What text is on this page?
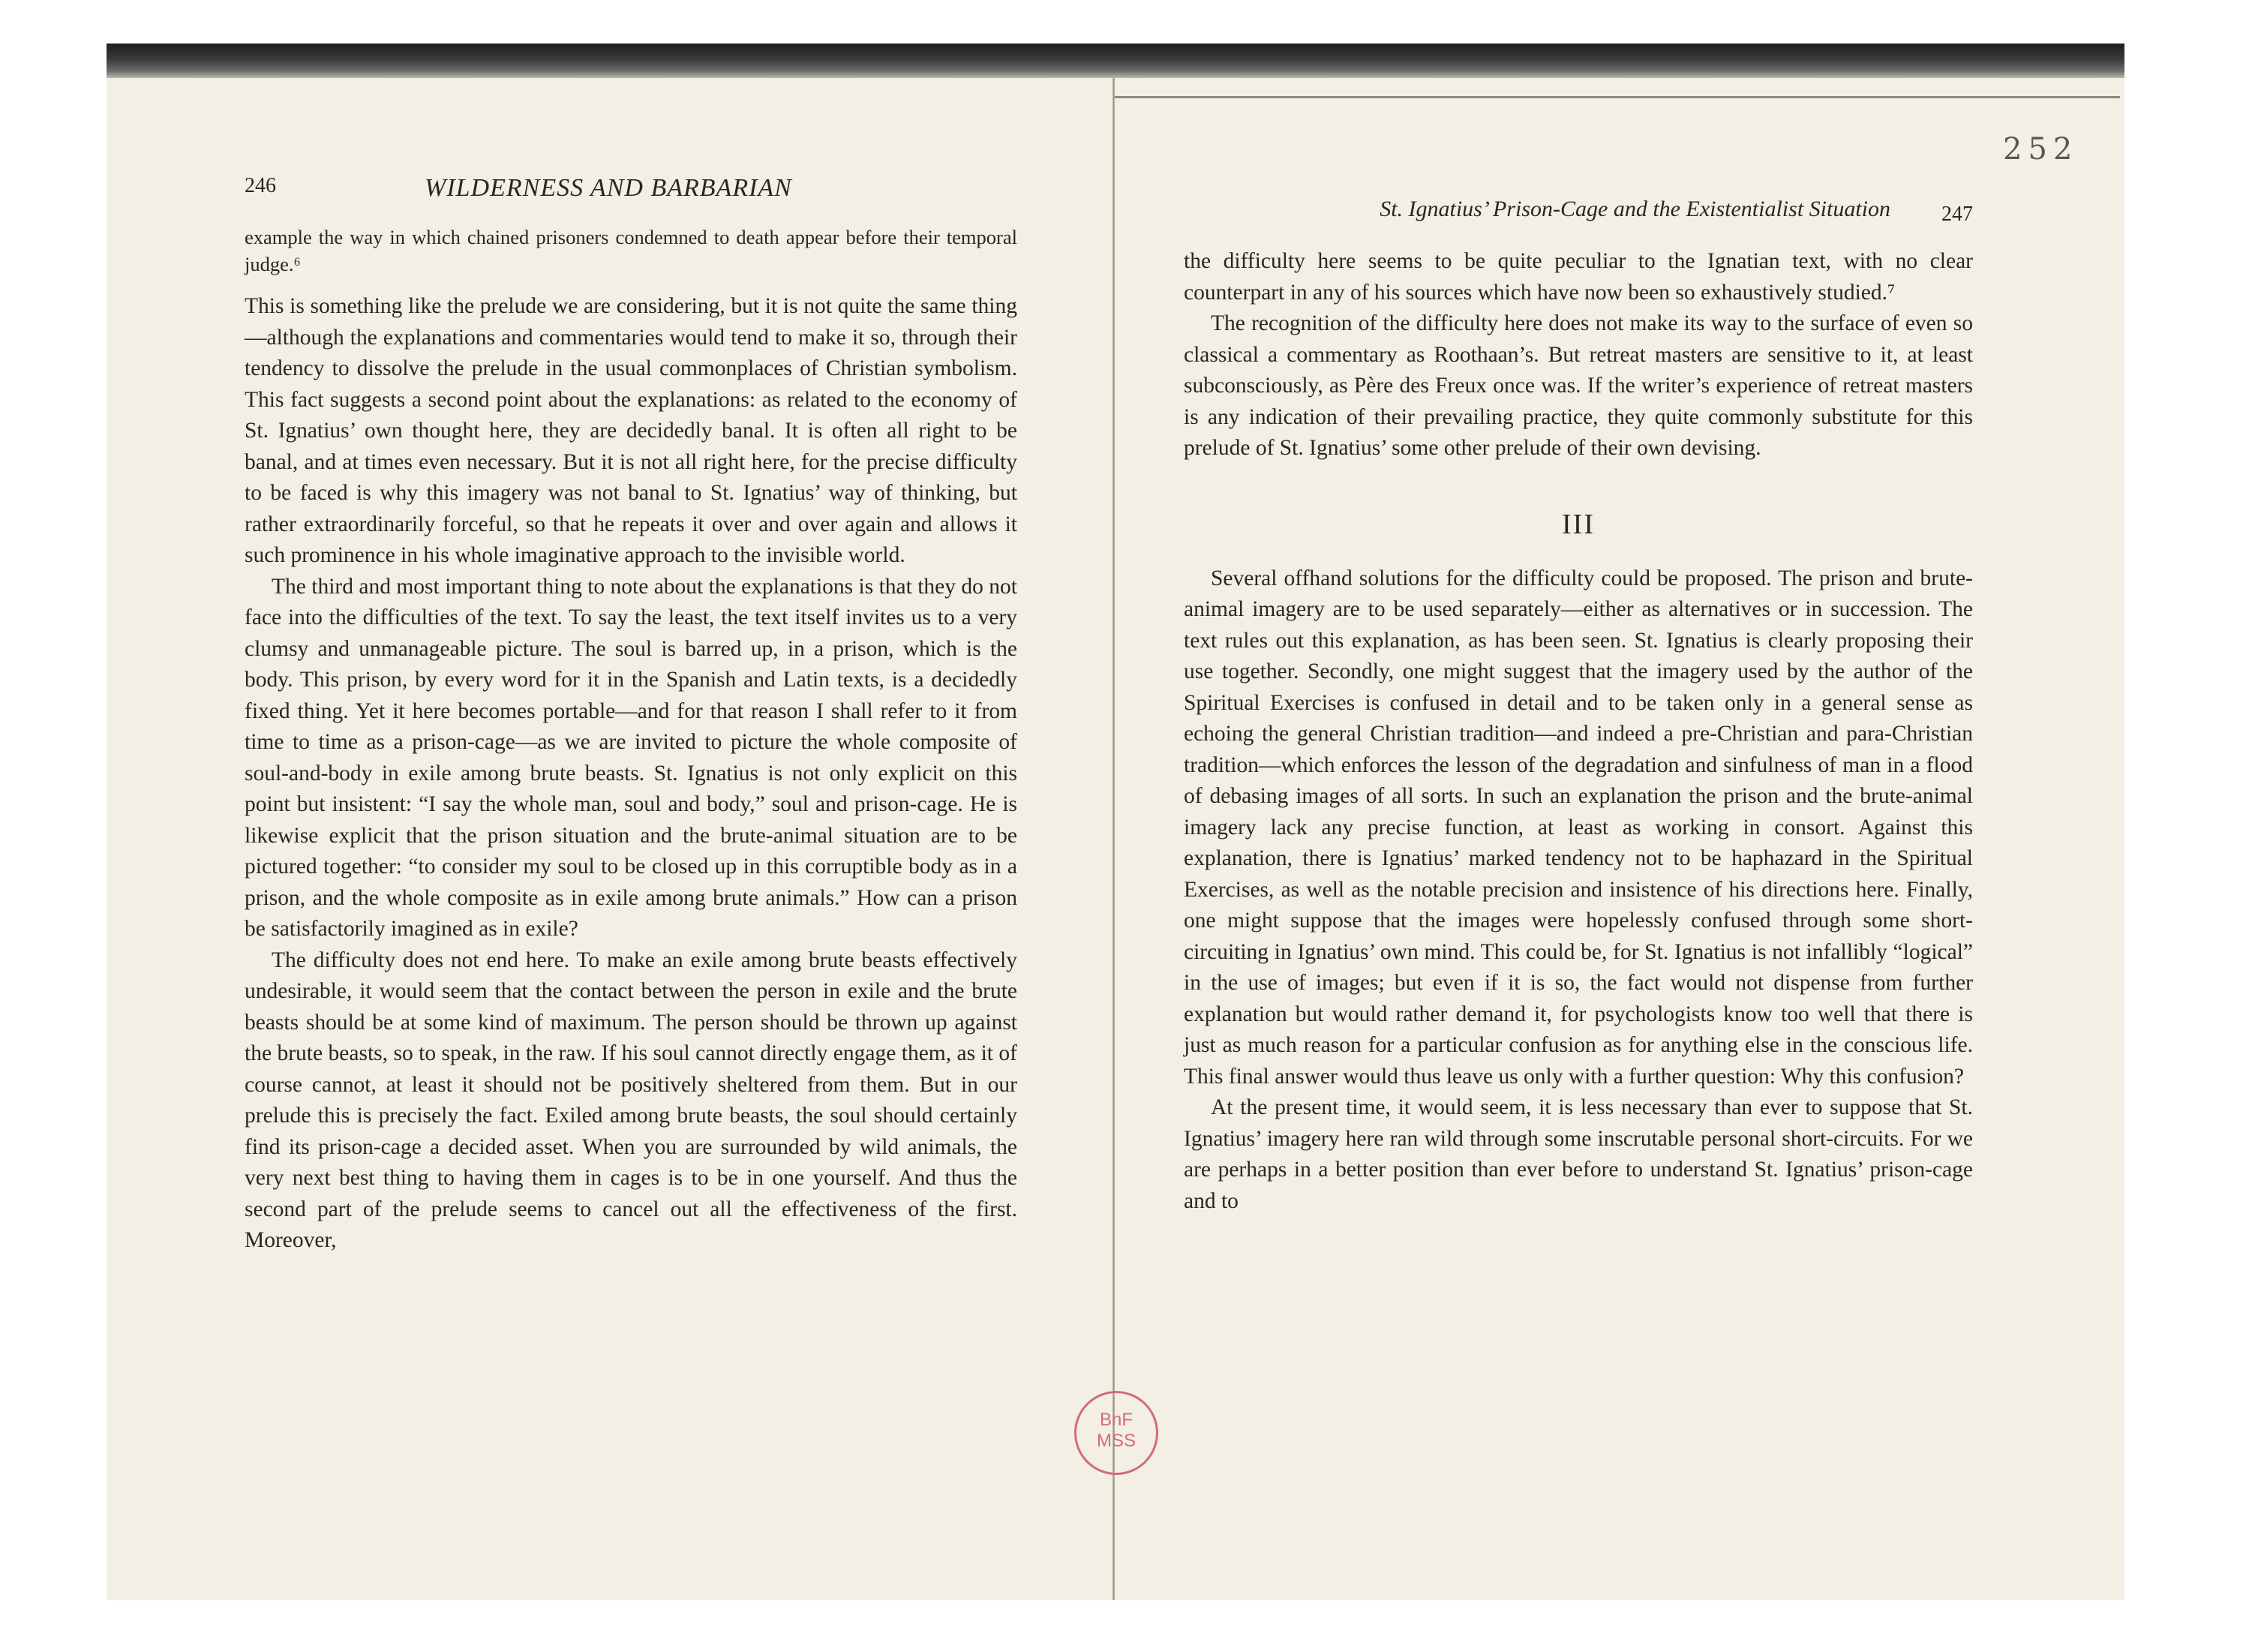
252
246	WILDERNESS AND BARBARIAN

example the way in which chained prisoners condemned to death appear before their temporal judge.⁶

This is something like the prelude we are considering, but it is not quite the same thing—although the explanations and commentaries would tend to make it so, through their tendency to dissolve the prelude in the usual commonplaces of Christian symbolism. This fact suggests a second point about the explanations: as related to the economy of St. Ignatius’ own thought here, they are decidedly banal. It is often all right to be banal, and at times even necessary. But it is not all right here, for the precise difficulty to be faced is why this imagery was not banal to St. Ignatius’ way of thinking, but rather extraordinarily forceful, so that he repeats it over and over again and allows it such prominence in his whole imaginative approach to the invisible world.

The third and most important thing to note about the explanations is that they do not face into the difficulties of the text. To say the least, the text itself invites us to a very clumsy and unmanageable picture. The soul is barred up, in a prison, which is the body. This prison, by every word for it in the Spanish and Latin texts, is a decidedly fixed thing. Yet it here becomes portable—and for that reason I shall refer to it from time to time as a prison-cage—as we are invited to picture the whole composite of soul-and-body in exile among brute beasts. St. Ignatius is not only explicit on this point but insistent: “I say the whole man, soul and body,” soul and prison-cage. He is likewise explicit that the prison situation and the brute-animal situation are to be pictured together: “to consider my soul to be closed up in this corruptible body as in a prison, and the whole composite as in exile among brute animals.” How can a prison be satisfactorily imagined as in exile?

The difficulty does not end here. To make an exile among brute beasts effectively undesirable, it would seem that the contact between the person in exile and the brute beasts should be at some kind of maximum. The person should be thrown up against the brute beasts, so to speak, in the raw. If his soul cannot directly engage them, as it of course cannot, at least it should not be positively sheltered from them. But in our prelude this is precisely the fact. Exiled among brute beasts, the soul should certainly find its prison-cage a decided asset. When you are surrounded by wild animals, the very next best thing to having them in cages is to be in one yourself. And thus the second part of the prelude seems to cancel out all the effectiveness of the first. Moreover,

St. Ignatius’ Prison-Cage and the Existentialist Situation 247

the difficulty here seems to be quite peculiar to the Ignatian text, with no clear counterpart in any of his sources which have now been so exhaustively studied.⁷

The recognition of the difficulty here does not make its way to the surface of even so classical a commentary as Roothaan’s. But retreat masters are sensitive to it, at least subconsciously, as Père des Freux once was. If the writer’s experience of retreat masters is any indication of their prevailing practice, they quite commonly substitute for this prelude of St. Ignatius’ some other prelude of their own devising.

III

Several offhand solutions for the difficulty could be proposed. The prison and brute-animal imagery are to be used separately—either as alternatives or in succession. The text rules out this explanation, as has been seen. St. Ignatius is clearly proposing their use together. Secondly, one might suggest that the imagery used by the author of the Spiritual Exercises is confused in detail and to be taken only in a general sense as echoing the general Christian tradition—and indeed a pre-Christian and para-Christian tradition—which enforces the lesson of the degradation and sinfulness of man in a flood of debasing images of all sorts. In such an explanation the prison and the brute-animal imagery lack any precise function, at least as working in consort. Against this explanation, there is Ignatius’ marked tendency not to be haphazard in the Spiritual Exercises, as well as the notable precision and insistence of his directions here. Finally, one might suppose that the images were hopelessly confused through some short-circuiting in Ignatius’ own mind. This could be, for St. Ignatius is not infallibly “logical” in the use of images; but even if it is so, the fact would not dispense from further explanation but would rather demand it, for psychologists know too well that there is just as much reason for a particular confusion as for anything else in the conscious life. This final answer would thus leave us only with a further question: Why this confusion?

At the present time, it would seem, it is less necessary than ever to suppose that St. Ignatius’ imagery here ran wild through some inscrutable personal short-circuits. For we are perhaps in a better position than ever before to understand St. Ignatius’ prison-cage and to

BnF
MSS
